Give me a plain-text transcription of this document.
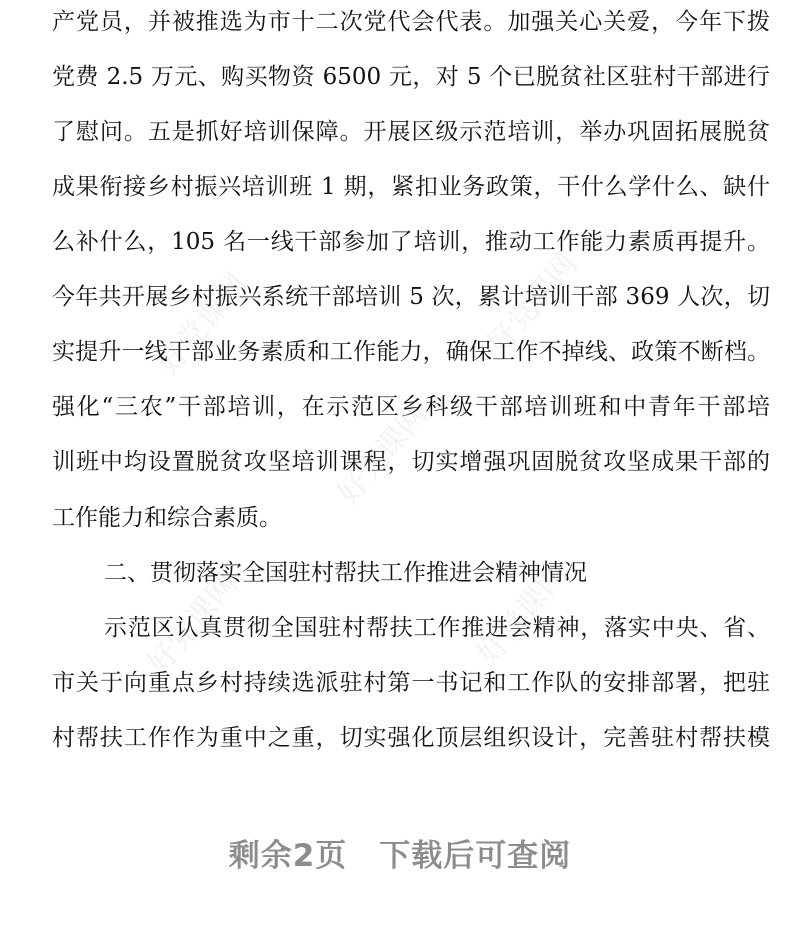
好党课网	好党课网
好党课网
好党课网	好党课网
产党员，并被推选为市十二次党代会代表。加强关心关爱，今年下拨
党费 2.5 万元、购买物资 6500 元，对 5 个已脱贫社区驻村干部进行
了慰问。五是抓好培训保障。开展区级示范培训，举办巩固拓展脱贫
成果衔接乡村振兴培训班 1 期，紧扣业务政策，干什么学什么、缺什
么补什么，105 名一线干部参加了培训，推动工作能力素质再提升。
今年共开展乡村振兴系统干部培训 5 次，累计培训干部 369 人次，切
实提升一线干部业务素质和工作能力，确保工作不掉线、政策不断档。
强化“三农”干部培训，在示范区乡科级干部培训班和中青年干部培
训班中均设置脱贫攻坚培训课程，切实增强巩固脱贫攻坚成果干部的
工作能力和综合素质。
二、贯彻落实全国驻村帮扶工作推进会精神情况
示范区认真贯彻全国驻村帮扶工作推进会精神，落实中央、省、
市关于向重点乡村持续选派驻村第一书记和工作队的安排部署，把驻
村帮扶工作作为重中之重，切实强化顶层组织设计，完善驻村帮扶模
剩余2页　下载后可查阅
